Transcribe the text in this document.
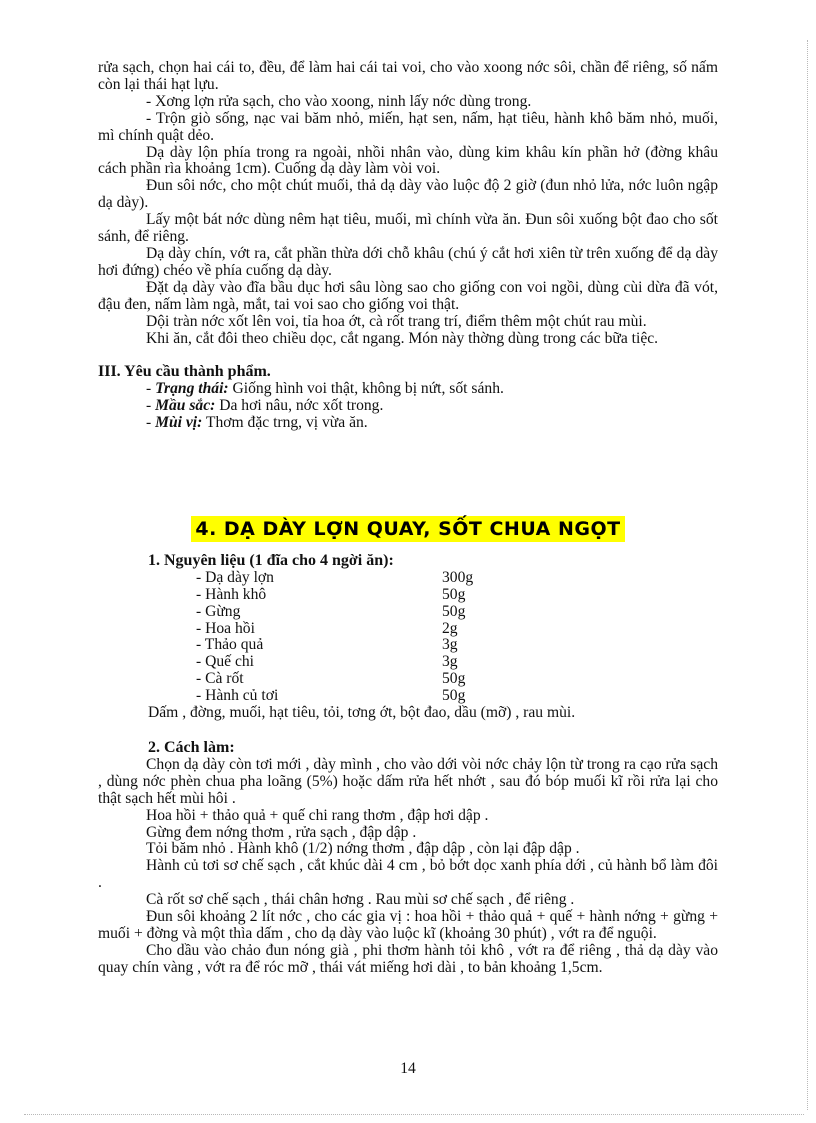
rửa sạch, chọn hai cái to, đều, để làm hai cái tai voi, cho vào xoong nớc sôi, chần để riêng, số nấm còn lại thái hạt lựu.

- Xơng lợn rửa sạch, cho vào xoong, ninh lấy nớc dùng trong.

- Trộn giò sống, nạc vai băm nhỏ, miến, hạt sen, nấm, hạt tiêu, hành khô băm nhỏ, muối, mì chính quật dẻo.

Dạ dày lộn phía trong ra ngoài, nhồi nhân vào, dùng kim khâu kín phần hở (đờng khâu cách phần rìa khoảng 1cm). Cuống dạ dày làm vòi voi.

Đun sôi nớc, cho một chút muối, thả dạ dày vào luộc độ 2 giờ (đun nhỏ lửa, nớc luôn ngập dạ dày).

Lấy một bát nớc dùng nêm hạt tiêu, muối, mì chính vừa ăn. Đun sôi xuống bột đao cho sốt sánh, để riêng.

Dạ dày chín, vớt ra, cắt phần thừa dới chỗ khâu (chú ý cắt hơi xiên từ trên xuống để dạ dày hơi đứng) chéo về phía cuống dạ dày.

Đặt dạ dày vào đĩa bầu dục hơi sâu lòng sao cho giống con voi ngồi, dùng cùi dừa đã vót, đậu đen, nấm làm ngà, mắt, tai voi sao cho giống voi thật.

Dội tràn nớc xốt lên voi, tỉa hoa ớt, cà rốt trang trí, điểm thêm một chút rau mùi.

Khi ăn, cắt đôi theo chiều dọc, cắt ngang. Món này thờng dùng trong các bữa tiệc.

III. Yêu cầu thành phẩm.

- Trạng thái: Giống hình voi thật, không bị nứt, sốt sánh.

- Mầu sắc: Da hơi nâu, nớc xốt trong.

- Mùi vị: Thơm đặc trng, vị vừa ăn.

4. DẠ DÀY LỢN QUAY, SỐT CHUA NGỌT

1. Nguyên liệu (1 đĩa cho 4 ngời ăn):

- Dạ dày lợn	300g
- Hành khô	50g
- Gừng	50g
- Hoa hồi	2g
- Thảo quả	3g
- Quế chi	3g
- Cà rốt	50g
- Hành củ tơi	50g

Dấm , đờng, muối, hạt tiêu, tỏi, tơng ớt, bột đao, dầu (mỡ) , rau mùi.

2. Cách làm:

Chọn dạ dày còn tơi mới , dày mình , cho vào dới vòi nớc chảy lộn từ trong ra cạo rửa sạch , dùng nớc phèn chua pha loãng (5%) hoặc dấm rửa hết nhớt , sau đó bóp muối kĩ rồi rửa lại cho thật sạch hết mùi hôi .

Hoa hồi + thảo quả + quế chi rang thơm , đập hơi dập .

Gừng đem nớng thơm , rửa sạch , đập dập .

Tỏi băm nhỏ . Hành khô (1/2) nớng thơm , đập dập , còn lại đập dập .

Hành củ tơi sơ chế sạch , cắt khúc dài 4 cm , bỏ bớt dọc xanh phía dới , củ hành bổ làm đôi .

Cà rốt sơ chế sạch , thái chân hơng . Rau mùi sơ chế sạch , để riêng .

Đun sôi khoảng 2 lít nớc , cho các gia vị : hoa hồi + thảo quả + quế + hành nớng + gừng + muối + đờng và một thìa dấm , cho dạ dày vào luộc kĩ (khoảng 30 phút) , vớt ra để nguội.

Cho dầu vào chảo đun nóng già , phi thơm hành tỏi khô , vớt ra để riêng , thả dạ dày vào quay chín vàng , vớt ra để róc mỡ , thái vát miếng hơi dài , to bản khoảng 1,5cm.

14
